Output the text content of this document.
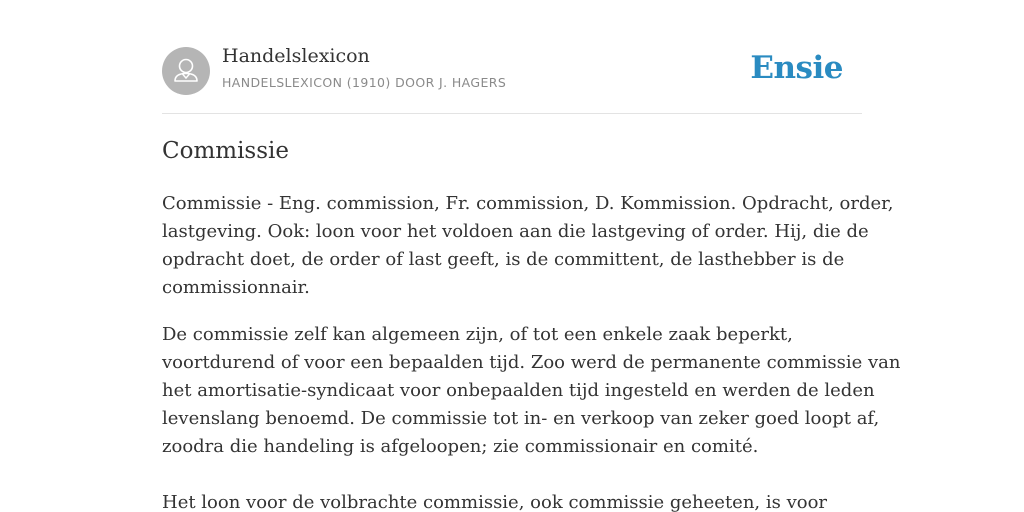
Handelslexicon
HANDELSLEXICON (1910) DOOR J. HAGERS	Ensie
Commissie

Commissie - Eng. commission, Fr. commission, D. Kommission. Opdracht, order,
lastgeving. Ook: loon voor het voldoen aan die lastgeving of order. Hij, die de
opdracht doet, de order of last geeft, is de committent, de lasthebber is de
commissionnair.

De commissie zelf kan algemeen zijn, of tot een enkele zaak beperkt,
voortdurend of voor een bepaalden tijd. Zoo werd de permanente commissie van
het amortisatie-syndicaat voor onbepaalden tijd ingesteld en werden de leden
levenslang benoemd. De commissie tot in- en verkoop van zeker goed loopt af,
zoodra die handeling is afgeloopen; zie commissionair en comité.

Het loon voor de volbrachte commissie, ook commissie geheeten, is voor
